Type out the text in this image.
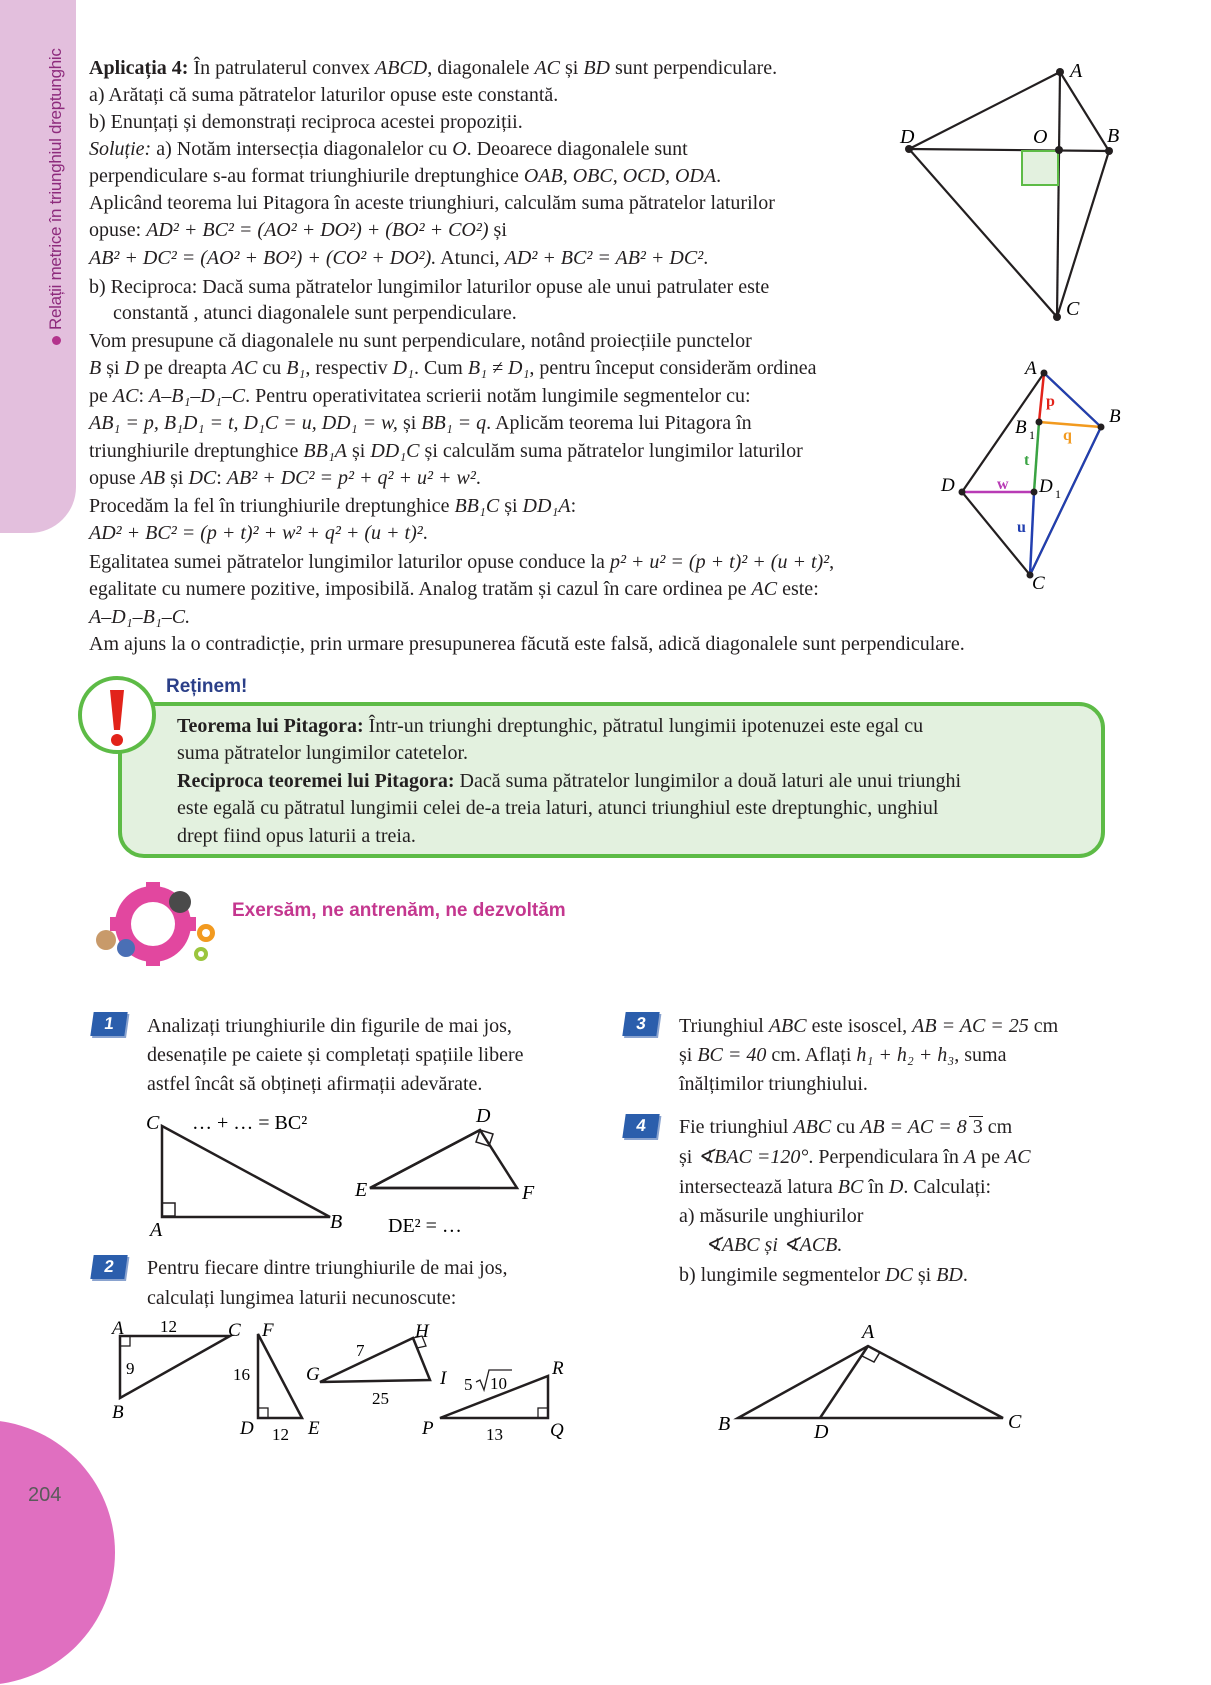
Relații metrice în triunghiul dreptunghic
204
Aplicația 4: În patrulaterul convex ABCD, diagonalele AC și BD sunt perpendiculare.
a) Arătați că suma pătratelor laturilor opuse este constantă.
b) Enunțați și demonstrați reciproca acestei propoziții.
Soluție: a) Notăm intersecția diagonalelor cu O. Deoarece diagonalele sunt
perpendiculare s-au format triunghiurile dreptunghice OAB, OBC, OCD, ODA.
Aplicând teorema lui Pitagora în aceste triunghiuri, calculăm suma pătratelor laturilor
opuse: AD² + BC² = (AO² + DO²) + (BO² + CO²) și
AB² + DC² = (AO² + BO²) + (CO² + DO²). Atunci, AD² + BC² = AB² + DC².
b) Reciproca: Dacă suma pătratelor lungimilor laturilor opuse ale unui patrulater este
constantă , atunci diagonalele sunt perpendiculare.
Vom presupune că diagonalele nu sunt perpendiculare, notând proiecțiile punctelor
B și D pe dreapta AC cu B₁, respectiv D₁. Cum B₁ ≠ D₁, pentru început considerăm ordinea
pe AC: A–B₁–D₁–C. Pentru operativitatea scrierii notăm lungimile segmentelor cu:
AB₁ = p, B₁D₁ = t, D₁C = u, DD₁ = w, și BB₁ = q. Aplicăm teorema lui Pitagora în
triunghiurile dreptunghice BB₁A și DD₁C și calculăm suma pătratelor lungimilor laturilor
opuse AB și DC: AB² + DC² = p² + q² + u² + w².
Procedăm la fel în triunghiurile dreptunghice BB₁C și DD₁A:
AD² + BC² = (p + t)² + w² + q² + (u + t)².
Egalitatea sumei pătratelor lungimilor laturilor opuse conduce la p² + u² = (p + t)² + (u + t)²,
egalitate cu numere pozitive, imposibilă. Analog tratăm și cazul în care ordinea pe AC este:
A–D₁–B₁–C.
Am ajuns la o contradicție, prin urmare presupunerea făcută este falsă, adică diagonalele sunt perpendiculare.
A
B
C
D	O
A
B
C
D
B 1
D 1
p
q
t
w
u
Reținem!
Teorema lui Pitagora: Într-un triunghi dreptunghic, pătratul lungimii ipotenuzei este egal cu
suma pătratelor lungimilor catetelor.
Reciproca teoremei lui Pitagora: Dacă suma pătratelor lungimilor a două laturi ale unui triunghi
este egală cu pătratul lungimii celei de-a treia laturi, atunci triunghiul este dreptunghic, unghiul
drept fiind opus laturii a treia.
Exersăm, ne antrenăm, ne dezvoltăm
1	Analizați triunghiurile din figurile de mai jos,
desenațile pe caiete și completați spațiile libere
astfel încât să obțineți afirmații adevărate.
C
A	B
… + … = BC²
E
DE² = …
D
F
2	Pentru fiecare dintre triunghiurile de mai jos,
calculați lungimea laturii necunoscute:
A	C
B
12
9
F
D	E
16
12
G
H
I
7
25
P	Q
R
5 10
13
3	Triunghiul ABC este isoscel, AB = AC = 25 cm
și BC = 40 cm. Aflați h₁ + h₂ + h₃, suma
înălțimilor triunghiului.
4	Fie triunghiul ABC cu AB = AC = 8 3 cm
și ∢BAC =120°. Perpendiculara în A pe AC
intersectează latura BC în D. Calculați:
a) măsurile unghiurilor
∢ABC și ∢ACB.
b) lungimile segmentelor DC și BD.
A
B	C
D
